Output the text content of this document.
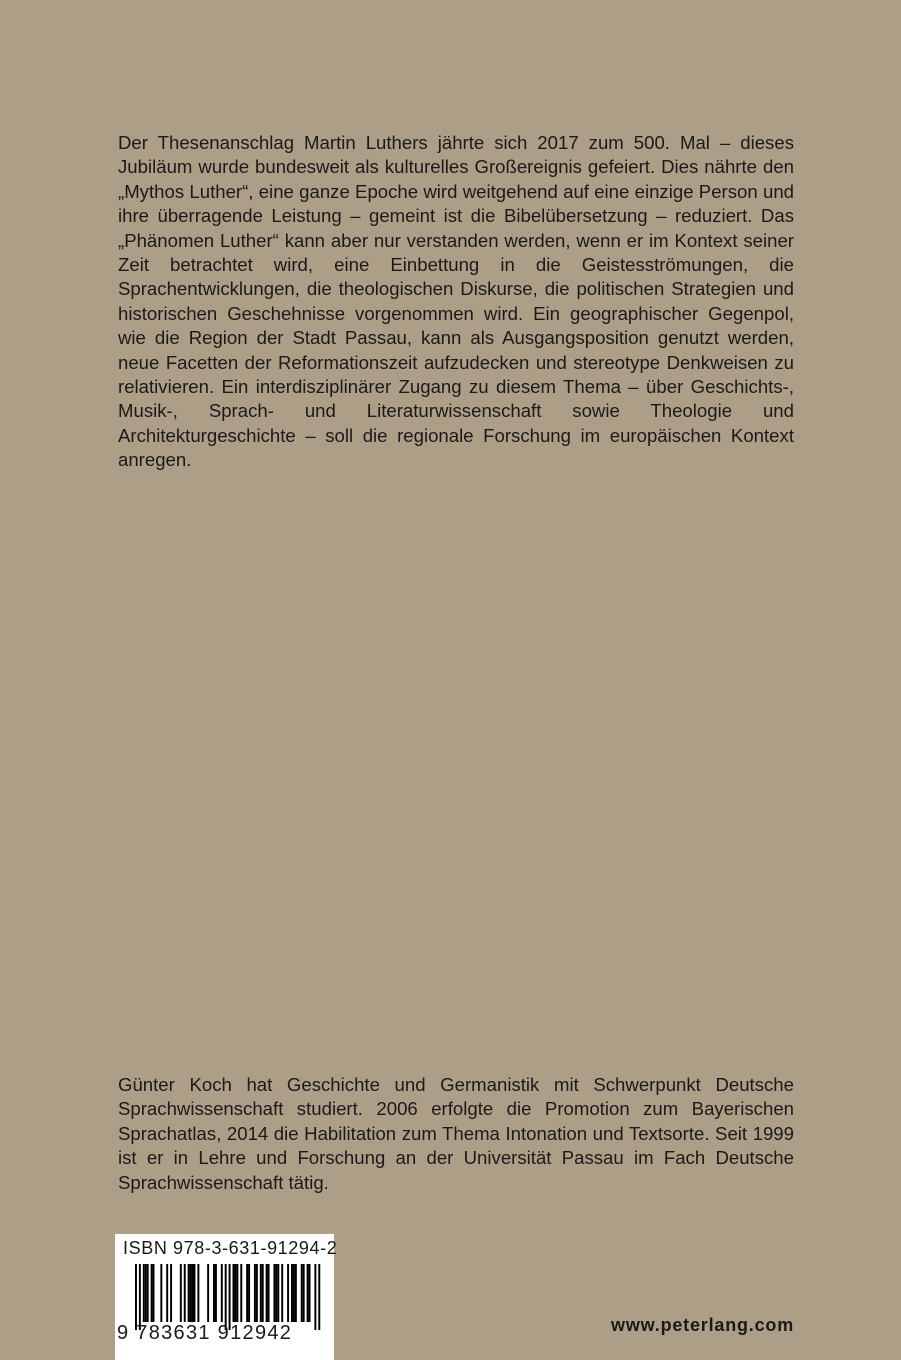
Der Thesenanschlag Martin Luthers jährte sich 2017 zum 500. Mal – dieses Jubiläum wurde bundesweit als kulturelles Großereignis gefeiert. Dies nährte den „Mythos Luther“, eine ganze Epoche wird weitgehend auf eine einzige Person und ihre überragende Leistung – gemeint ist die Bibelübersetzung – reduziert. Das „Phänomen Luther“ kann aber nur verstanden werden, wenn er im Kontext seiner Zeit betrachtet wird, eine Einbettung in die Geistesströmungen, die Sprachentwicklungen, die theologischen Diskurse, die politischen Strategien und historischen Geschehnisse vorgenommen wird. Ein geographischer Gegenpol, wie die Region der Stadt Passau, kann als Ausgangsposition genutzt werden, neue Facetten der Reformationszeit aufzudecken und stereotype Denkweisen zu relativieren. Ein interdisziplinärer Zugang zu diesem Thema – über Geschichts-, Musik-, Sprach- und Literaturwissenschaft sowie Theologie und Architekturgeschichte – soll die regionale Forschung im europäischen Kontext anregen.

Günter Koch hat Geschichte und Germanistik mit Schwerpunkt Deutsche Sprachwissenschaft studiert. 2006 erfolgte die Promotion zum Bayerischen Sprachatlas, 2014 die Habilitation zum Thema Intonation und Textsorte. Seit 1999 ist er in Lehre und Forschung an der Universität Passau im Fach Deutsche Sprachwissenschaft tätig.

ISBN 978-3-631-91294-2
9 783631 912942	www.peterlang.com
